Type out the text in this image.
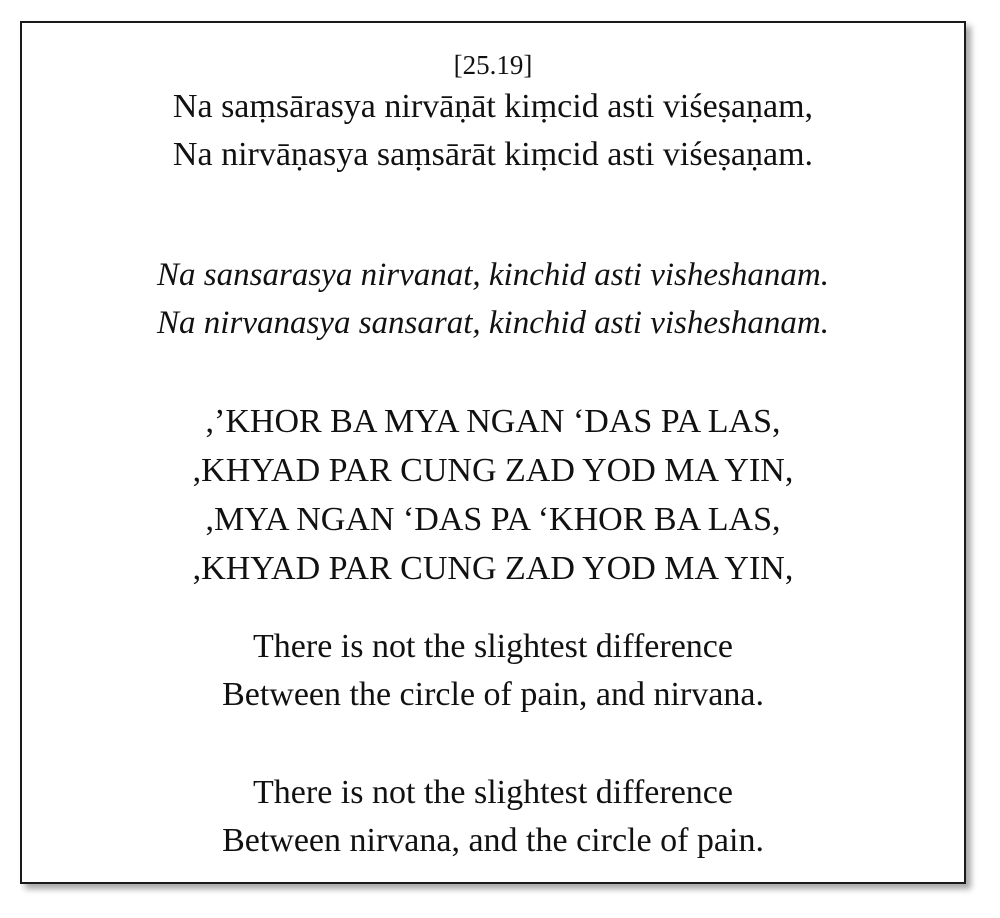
[25.19]
Na saṃsārasya nirvāṇāt kiṃcid asti viśeṣaṇam,
Na nirvāṇasya saṃsārāt kiṃcid asti viśeṣaṇam.
Na sansarasya nirvanat, kinchid asti visheshanam.
Na nirvanasya sansarat, kinchid asti visheshanam.
,’KHOR BA MYA NGAN ‘DAS PA LAS,
,KHYAD PAR CUNG ZAD YOD MA YIN,
,MYA NGAN ‘DAS PA ‘KHOR BA LAS,
,KHYAD PAR CUNG ZAD YOD MA YIN,
There is not the slightest difference
Between the circle of pain, and nirvana.
There is not the slightest difference
Between nirvana, and the circle of pain.
